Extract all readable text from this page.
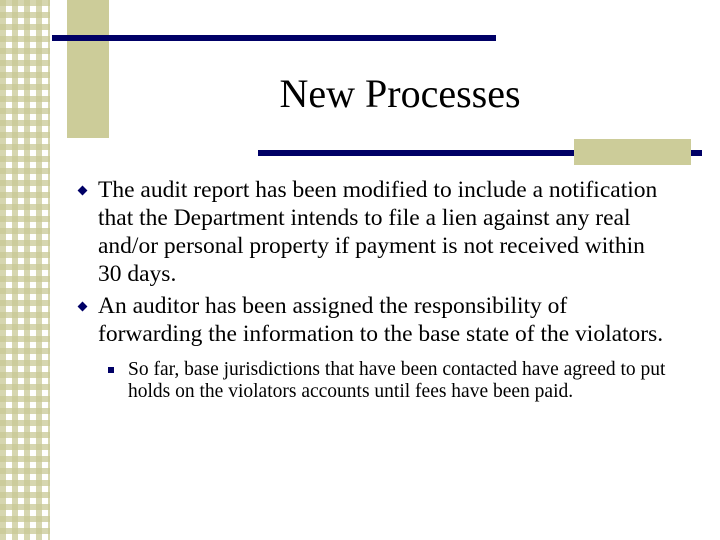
New Processes
The audit report has been modified to include a notification that the Department intends to file a lien against any real and/or personal property if payment is not received within 30 days.
An auditor has been assigned the responsibility of forwarding the information to the base state of the violators.
So far, base jurisdictions that have been contacted have agreed to put holds on the violators accounts until fees have been paid.
